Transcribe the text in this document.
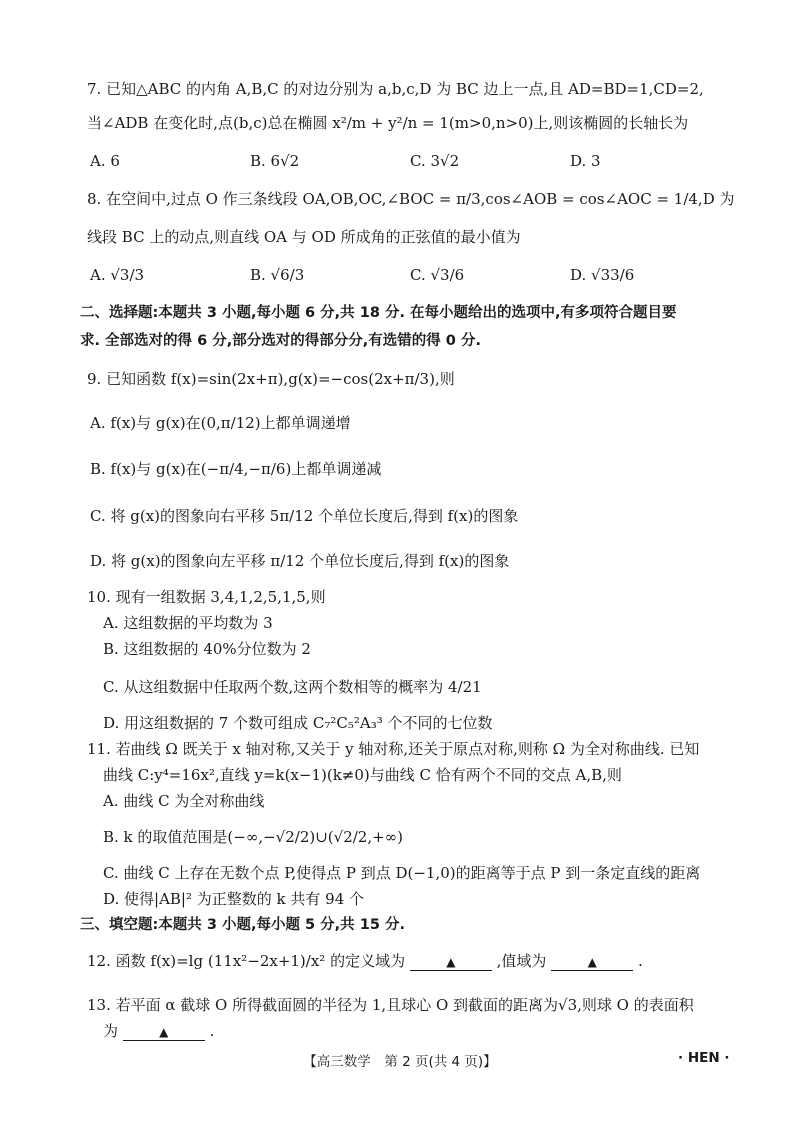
7. 已知△ABC 的内角 A,B,C 的对边分别为 a,b,c,D 为 BC 边上一点,且 AD=BD=1,CD=2,
当∠ADB 在变化时,点(b,c)总在椭圆 x²/m + y²/n = 1(m>0,n>0)上,则该椭圆的长轴长为
A. 6	B. 6√2	C. 3√2	D. 3
8. 在空间中,过点 O 作三条线段 OA,OB,OC,∠BOC = π/3,cos∠AOB = cos∠AOC = 1/4,D 为
线段 BC 上的动点,则直线 OA 与 OD 所成角的正弦值的最小值为
A. √3/3	B. √6/3	C. √3/6	D. √33/6
二、选择题:本题共 3 小题,每小题 6 分,共 18 分. 在每小题给出的选项中,有多项符合题目要
求. 全部选对的得 6 分,部分选对的得部分分,有选错的得 0 分.
9. 已知函数 f(x)=sin(2x+π),g(x)=−cos(2x+π/3),则
A. f(x)与 g(x)在(0,π/12)上都单调递增
B. f(x)与 g(x)在(−π/4,−π/6)上都单调递减
C. 将 g(x)的图象向右平移 5π/12 个单位长度后,得到 f(x)的图象
D. 将 g(x)的图象向左平移 π/12 个单位长度后,得到 f(x)的图象
10. 现有一组数据 3,4,1,2,5,1,5,则
A. 这组数据的平均数为 3
B. 这组数据的 40%分位数为 2
C. 从这组数据中任取两个数,这两个数相等的概率为 4/21
D. 用这组数据的 7 个数可组成 C₇²C₅²A₃³ 个不同的七位数
11. 若曲线 Ω 既关于 x 轴对称,又关于 y 轴对称,还关于原点对称,则称 Ω 为全对称曲线. 已知
曲线 C:y⁴=16x²,直线 y=k(x−1)(k≠0)与曲线 C 恰有两个不同的交点 A,B,则
A. 曲线 C 为全对称曲线
B. k 的取值范围是(−∞,−√2/2)∪(√2/2,+∞)
C. 曲线 C 上存在无数个点 P,使得点 P 到点 D(−1,0)的距离等于点 P 到一条定直线的距离
D. 使得|AB|² 为正整数的 k 共有 94 个
三、填空题:本题共 3 小题,每小题 5 分,共 15 分.
12. 函数 f(x)=lg (11x²−2x+1)/x² 的定义域为	▲	,值域为	▲	.
13. 若平面 α 截球 O 所得截面圆的半径为 1,且球心 O 到截面的距离为√3,则球 O 的表面积
为	▲	.
【高三数学　第 2 页(共 4 页)】	· HEN ·
